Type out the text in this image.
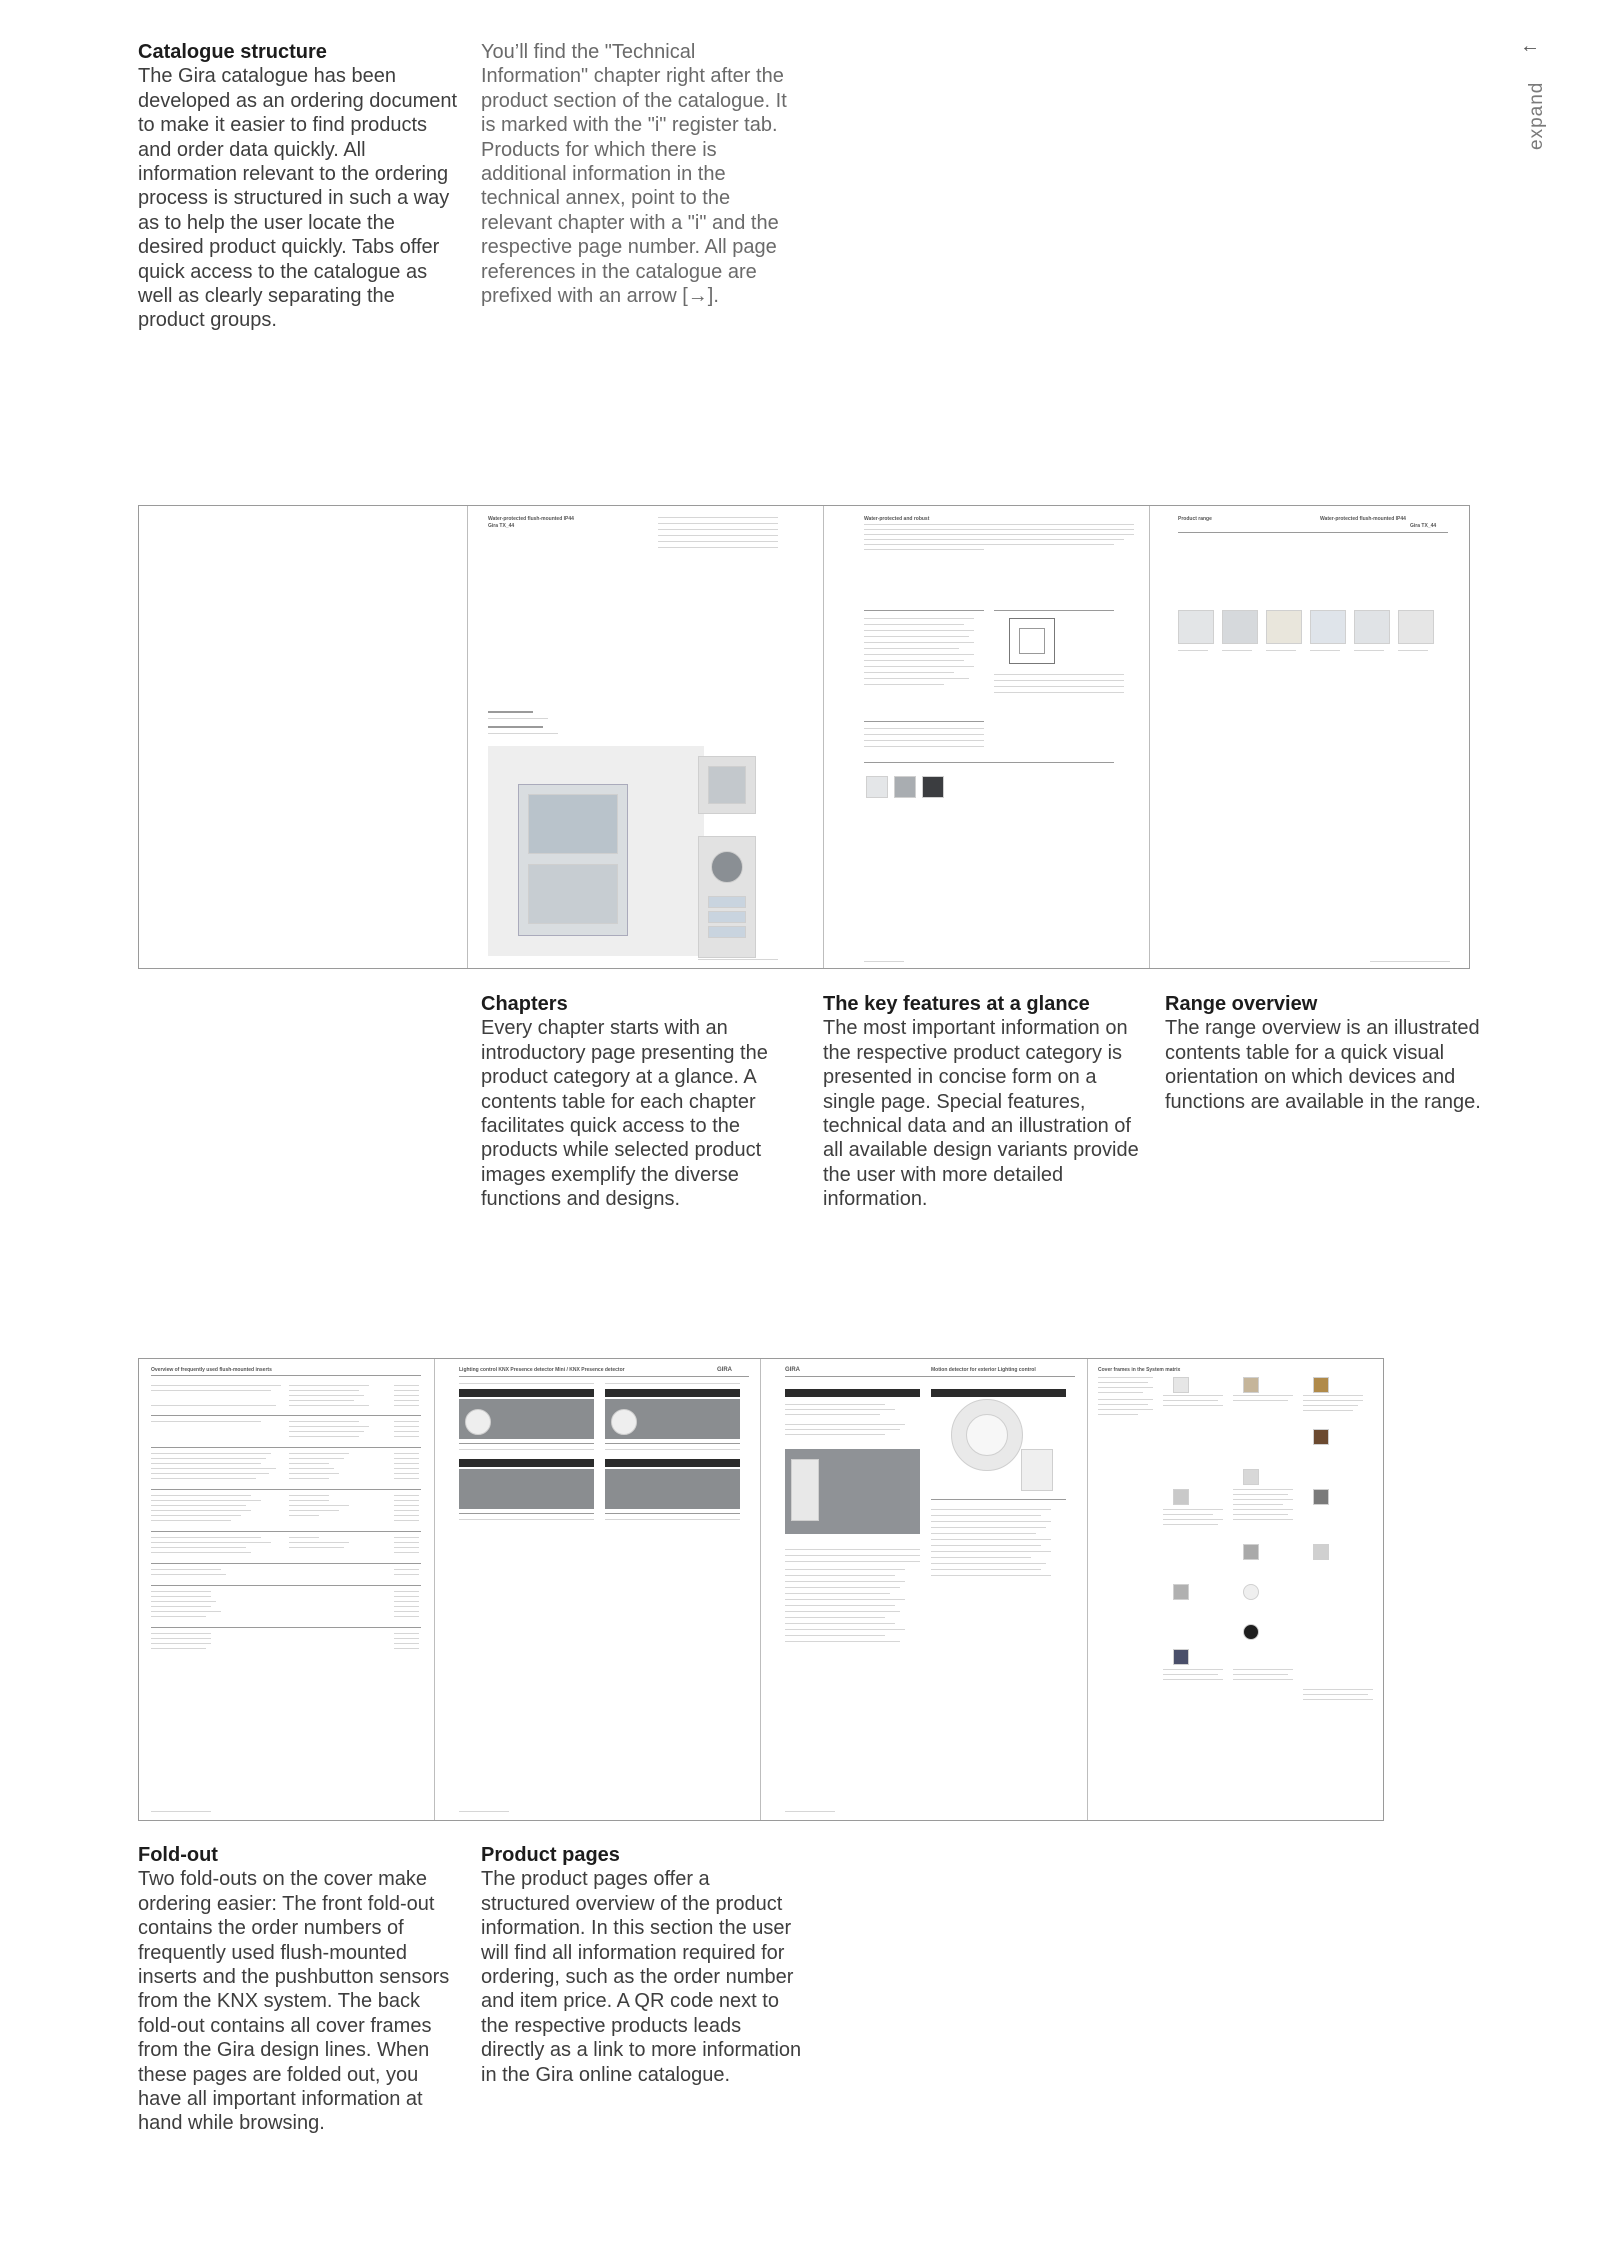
←
expand
Catalogue structure

The Gira catalogue has been developed as an ordering document to make it easier to find products and order data quickly. All information relevant to the ordering process is structured in such a way as to help the user locate the desired product quickly. Tabs offer quick access to the catalogue as well as clearly separating the product groups.

You’ll find the "Technical Information" chapter right after the product section of the catalogue. It is marked with the "i" register tab. Products for which there is additional information in the technical annex, point to the relevant chapter with a "i" and the respective page number. All page references in the catalogue are prefixed with an arrow [→].

Water-protected flush-mounted IP44
Gira TX_44
Water-protected and robust	Product range	Water-protected flush-mounted IP44
Gira TX_44
Chapters

Every chapter starts with an introductory page presenting the product category at a glance. A contents table for each chapter facilitates quick access to the products while selected product images exemplify the diverse functions and designs.

The key features at a glance

The most important information on the respective product category is presented in concise form on a single page. Special features, technical data and an illustration of all available design variants provide the user with more detailed information.

Range overview

The range overview is an illustrated contents table for a quick visual orientation on which devices and functions are available in the range.

Overview of frequently used flush-mounted inserts	Lighting control KNX Presence detector Mini / KNX Presence detector	GIRA	GIRA	Motion detector for exterior Lighting control	Cover frames in the System matrix
Fold-out

Two fold-outs on the cover make ordering easier: The front fold-out contains the order numbers of frequently used flush-mounted inserts and the pushbutton sensors from the KNX system. The back fold-out contains all cover frames from the Gira design lines. When these pages are folded out, you have all important information at hand while browsing.

Product pages

The product pages offer a structured overview of the product information. In this section the user will find all information required for ordering, such as the order number and item price. A QR code next to the respective products leads directly as a link to more information in the Gira online catalogue.
